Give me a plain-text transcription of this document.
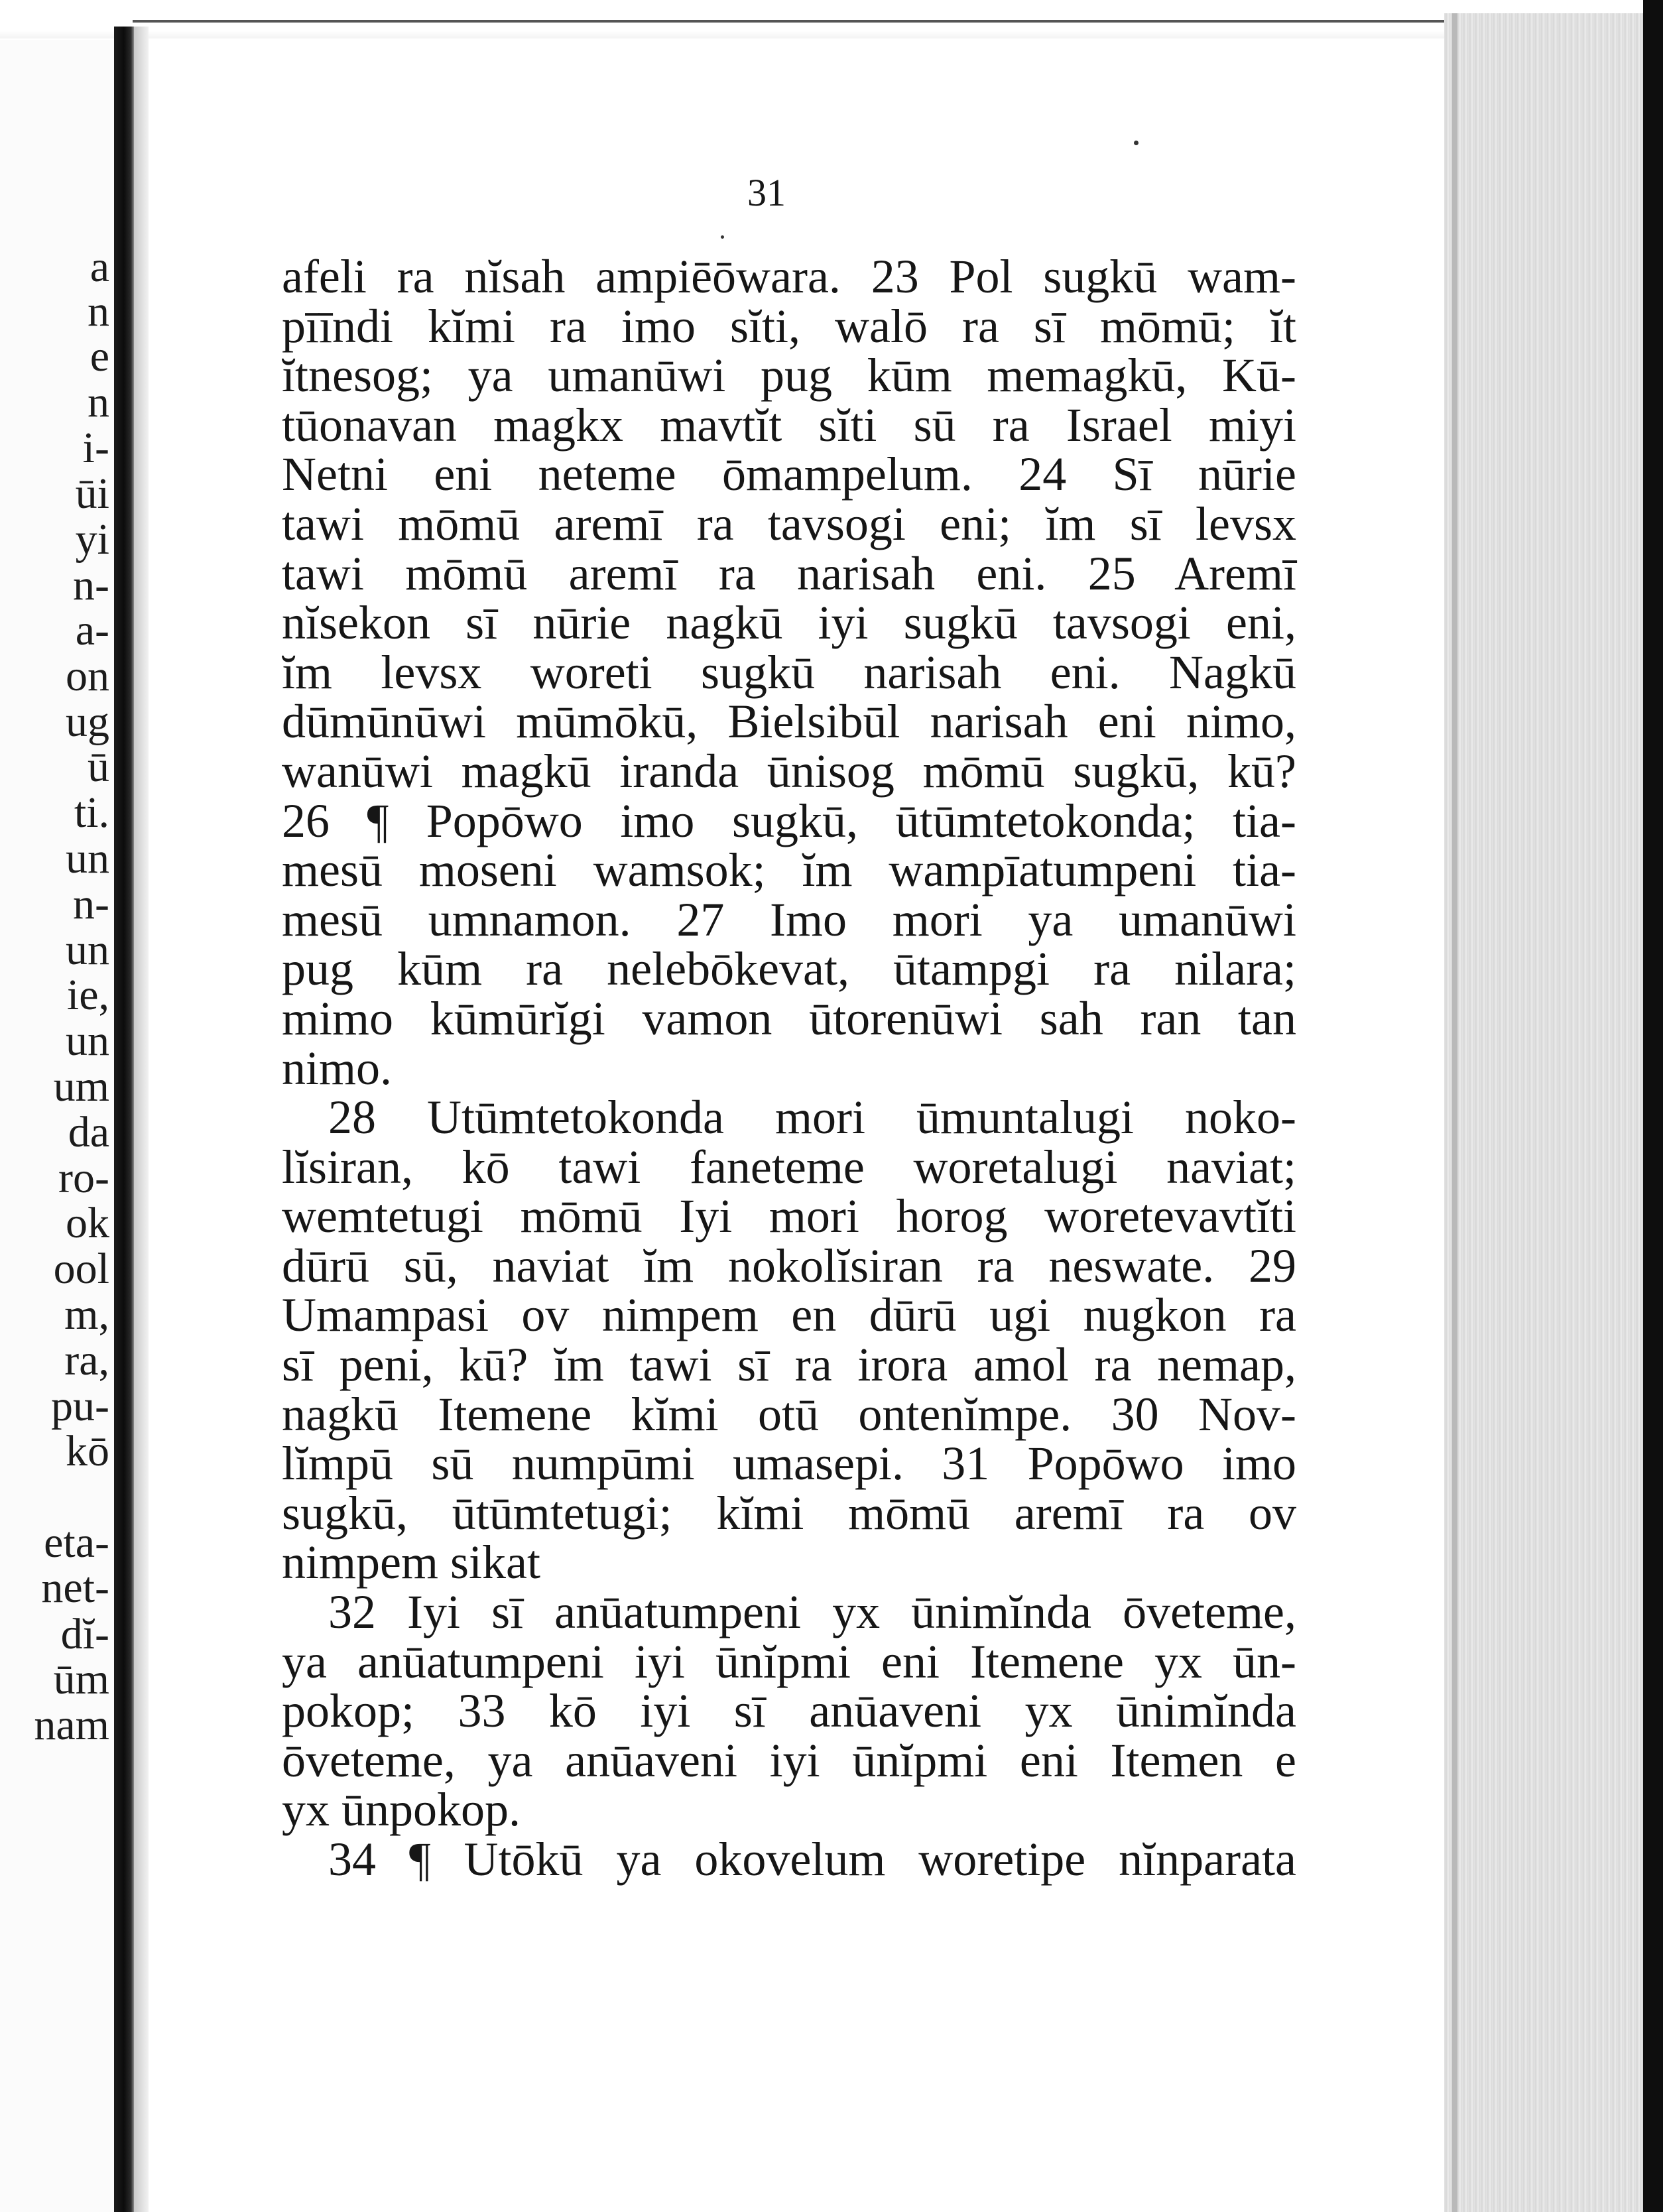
a
n
e
n
i-
ūi
yi
n-
a-
on
ug
ū
ti.
un
n-
un
ie,
un
um
da
ro-
ok
ool
m,
ra,
pu-
kō
eta-
net-
dĭ-
ūm
nam
31
afeli ra nĭsah ampiēōwara. 23 Pol sugkū wam-
pīīndi kĭmi ra imo sĭti, walō ra sī mōmū; ĭt
ĭtnesog; ya umanūwi pug kūm memagkū, Kū-
tūonavan magkx mavtĭt sĭti sū ra Israel miyi
Netni eni neteme ōmampelum. 24 Sī nūrie
tawi mōmū aremī ra tavsogi eni; ĭm sī levsx
tawi mōmū aremī ra narisah eni. 25 Aremī
nĭsekon sī nūrie nagkū iyi sugkū tavsogi eni,
ĭm levsx woreti sugkū narisah eni. Nagkū
dūmūnūwi mūmōkū, Bielsibūl narisah eni nimo,
wanūwi magkū iranda ūnisog mōmū sugkū, kū?
26 ¶ Popōwo imo sugkū, ūtūmtetokonda; tia-
mesū moseni wamsok; ĭm wampīatumpeni tia-
mesū umnamon. 27 Imo mori ya umanūwi
pug kūm ra nelebōkevat, ūtampgi ra nilara;
mimo kūmūrĭgi vamon ūtorenūwi sah ran tan
nimo.
28 Utūmtetokonda mori ūmuntalugi noko-
lĭsiran, kō tawi faneteme woretalugi naviat;
wemtetugi mōmū Iyi mori horog woretevavtĭti
dūrū sū, naviat ĭm nokolĭsiran ra neswate. 29
Umampasi ov nimpem en dūrū ugi nugkon ra
sī peni, kū? ĭm tawi sī ra irora amol ra nemap,
nagkū Itemene kĭmi otū ontenĭmpe. 30 Nov-
lĭmpū sū numpūmi umasepi. 31 Popōwo imo
sugkū, ūtūmtetugi; kĭmi mōmū aremī ra ov
nimpem sikat
32 Iyi sī anūatumpeni yx ūnimĭnda ōveteme,
ya anūatumpeni iyi ūnĭpmi eni Itemene yx ūn-
pokop; 33 kō iyi sī anūaveni yx ūnimĭnda
ōveteme, ya anūaveni iyi ūnĭpmi eni Itemen e
yx ūnpokop.
34 ¶ Utōkū ya okovelum woretipe nĭnparata
